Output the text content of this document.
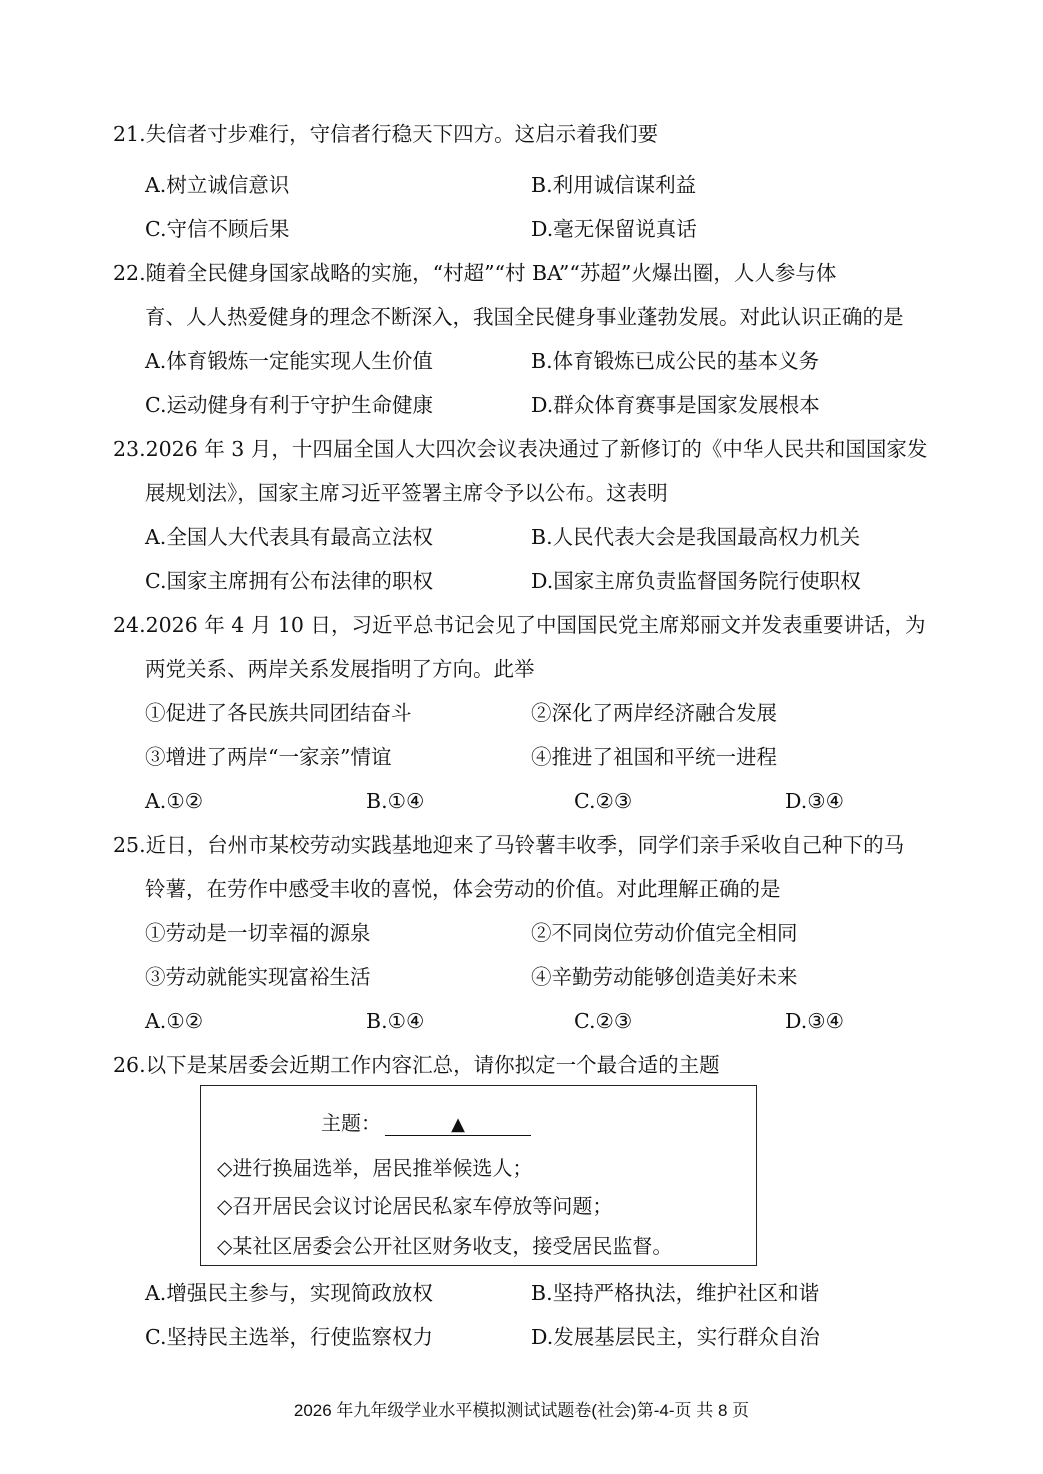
21.失信者寸步难行，守信者行稳天下四方。这启示着我们要
A.树立诚信意识	B.利用诚信谋利益
C.守信不顾后果	D.毫无保留说真话
22.随着全民健身国家战略的实施，“村超”“村 BA”“苏超”火爆出圈，人人参与体
育、人人热爱健身的理念不断深入，我国全民健身事业蓬勃发展。对此认识正确的是
A.体育锻炼一定能实现人生价值	B.体育锻炼已成公民的基本义务
C.运动健身有利于守护生命健康	D.群众体育赛事是国家发展根本
23.2026 年 3 月，十四届全国人大四次会议表决通过了新修订的《中华人民共和国国家发
展规划法》，国家主席习近平签署主席令予以公布。这表明
A.全国人大代表具有最高立法权	B.人民代表大会是我国最高权力机关
C.国家主席拥有公布法律的职权	D.国家主席负责监督国务院行使职权
24.2026 年 4 月 10 日，习近平总书记会见了中国国民党主席郑丽文并发表重要讲话，为
两党关系、两岸关系发展指明了方向。此举
①促进了各民族共同团结奋斗	②深化了两岸经济融合发展
③增进了两岸“一家亲”情谊	④推进了祖国和平统一进程
A.①②	B.①④	C.②③	D.③④
25.近日，台州市某校劳动实践基地迎来了马铃薯丰收季，同学们亲手采收自己种下的马
铃薯，在劳作中感受丰收的喜悦，体会劳动的价值。对此理解正确的是
①劳动是一切幸福的源泉	②不同岗位劳动价值完全相同
③劳动就能实现富裕生活	④辛勤劳动能够创造美好未来
A.①②	B.①④	C.②③	D.③④
26.以下是某居委会近期工作内容汇总，请你拟定一个最合适的主题
主题：	▲
◇进行换届选举，居民推举候选人；
◇召开居民会议讨论居民私家车停放等问题；
◇某社区居委会公开社区财务收支，接受居民监督。
A.增强民主参与，实现简政放权	B.坚持严格执法，维护社区和谐
C.坚持民主选举，行使监察权力	D.发展基层民主，实行群众自治
2026 年九年级学业水平模拟测试试题卷(社会)第-4-页 共 8 页
